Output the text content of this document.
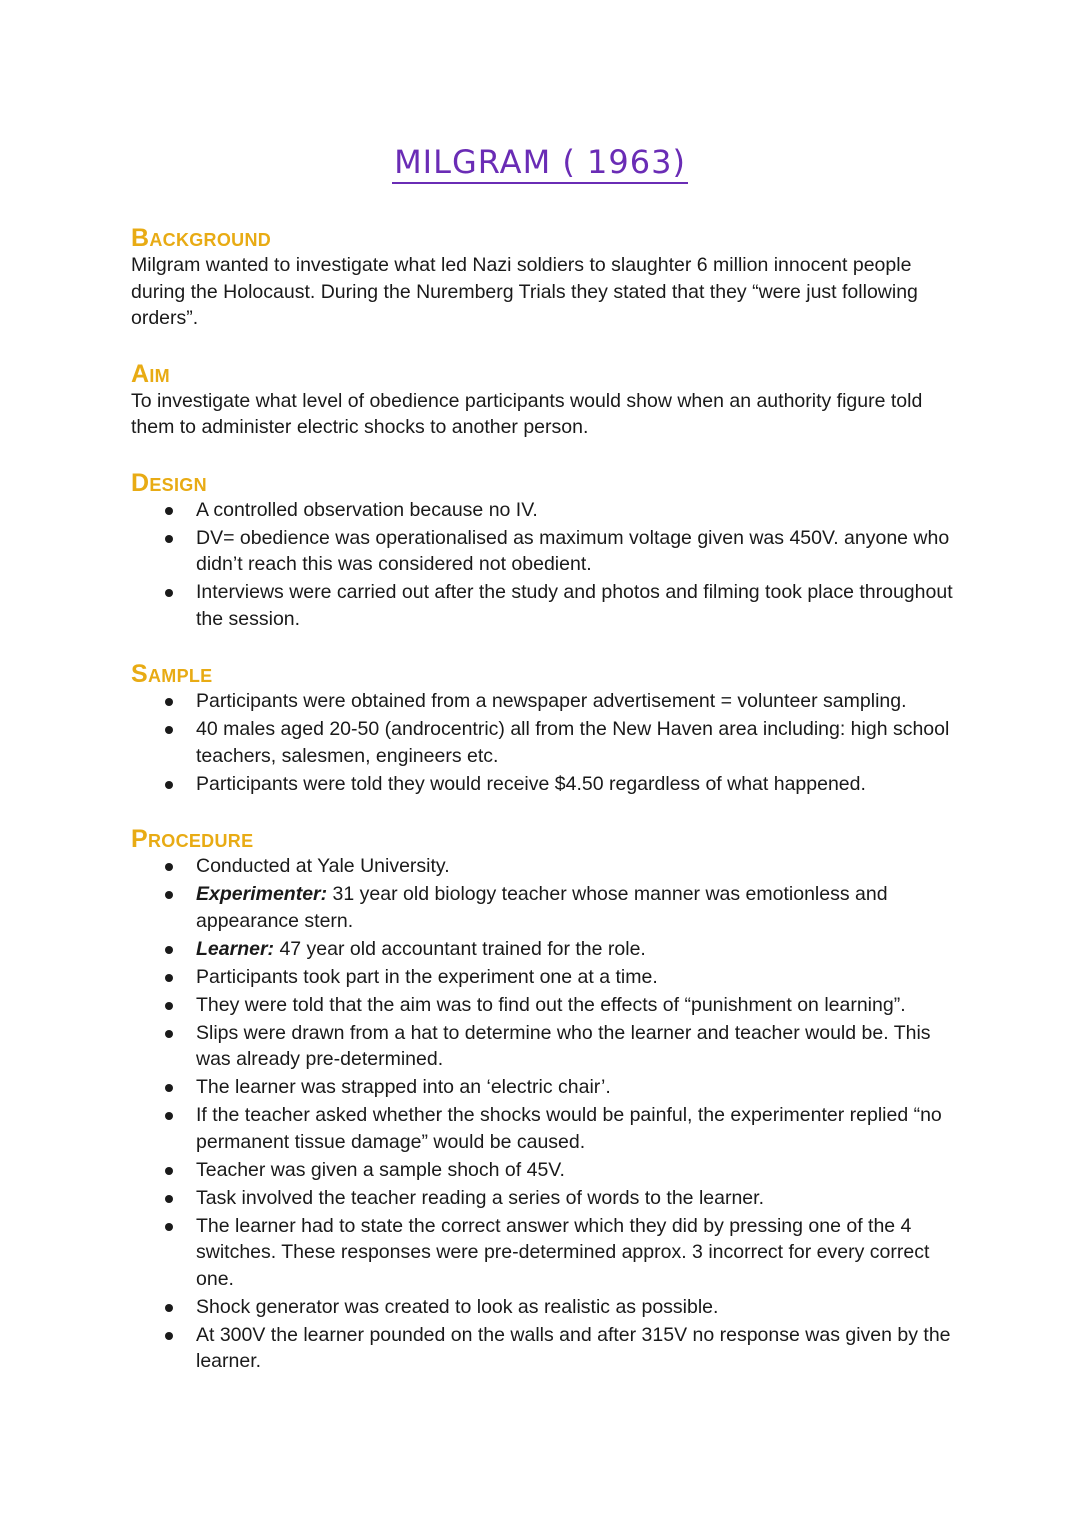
MILGRAM ( 1963)
Background

Milgram wanted to investigate what led Nazi soldiers to slaughter 6 million innocent people during the Holocaust. During the Nuremberg Trials they stated that they “were just following orders”.

Aim

To investigate what level of obedience participants would show when an authority figure told them to administer electric shocks to another person.

Design
A controlled observation because no IV.
DV= obedience was operationalised as maximum voltage given was 450V. anyone who didn’t reach this was considered not obedient.
Interviews were carried out after the study and photos and filming took place throughout the session.
Sample
Participants were obtained from a newspaper advertisement = volunteer sampling.
40 males aged 20-50 (androcentric) all from the New Haven area including: high school teachers, salesmen, engineers etc.
Participants were told they would receive $4.50 regardless of what happened.
Procedure
Conducted at Yale University.
Experimenter: 31 year old biology teacher whose manner was emotionless and appearance stern.
Learner: 47 year old accountant trained for the role.
Participants took part in the experiment one at a time.
They were told that the aim was to find out the effects of “punishment on learning”.
Slips were drawn from a hat to determine who the learner and teacher would be. This was already pre-determined.
The learner was strapped into an ‘electric chair’.
If the teacher asked whether the shocks would be painful, the experimenter replied “no permanent tissue damage” would be caused.
Teacher was given a sample shoch of 45V.
Task involved the teacher reading a series of words to the learner.
The learner had to state the correct answer which they did by pressing one of the 4 switches. These responses were pre-determined approx. 3 incorrect for every correct one.
Shock generator was created to look as realistic as possible.
At 300V the learner pounded on the walls and after 315V no response was given by the learner.
